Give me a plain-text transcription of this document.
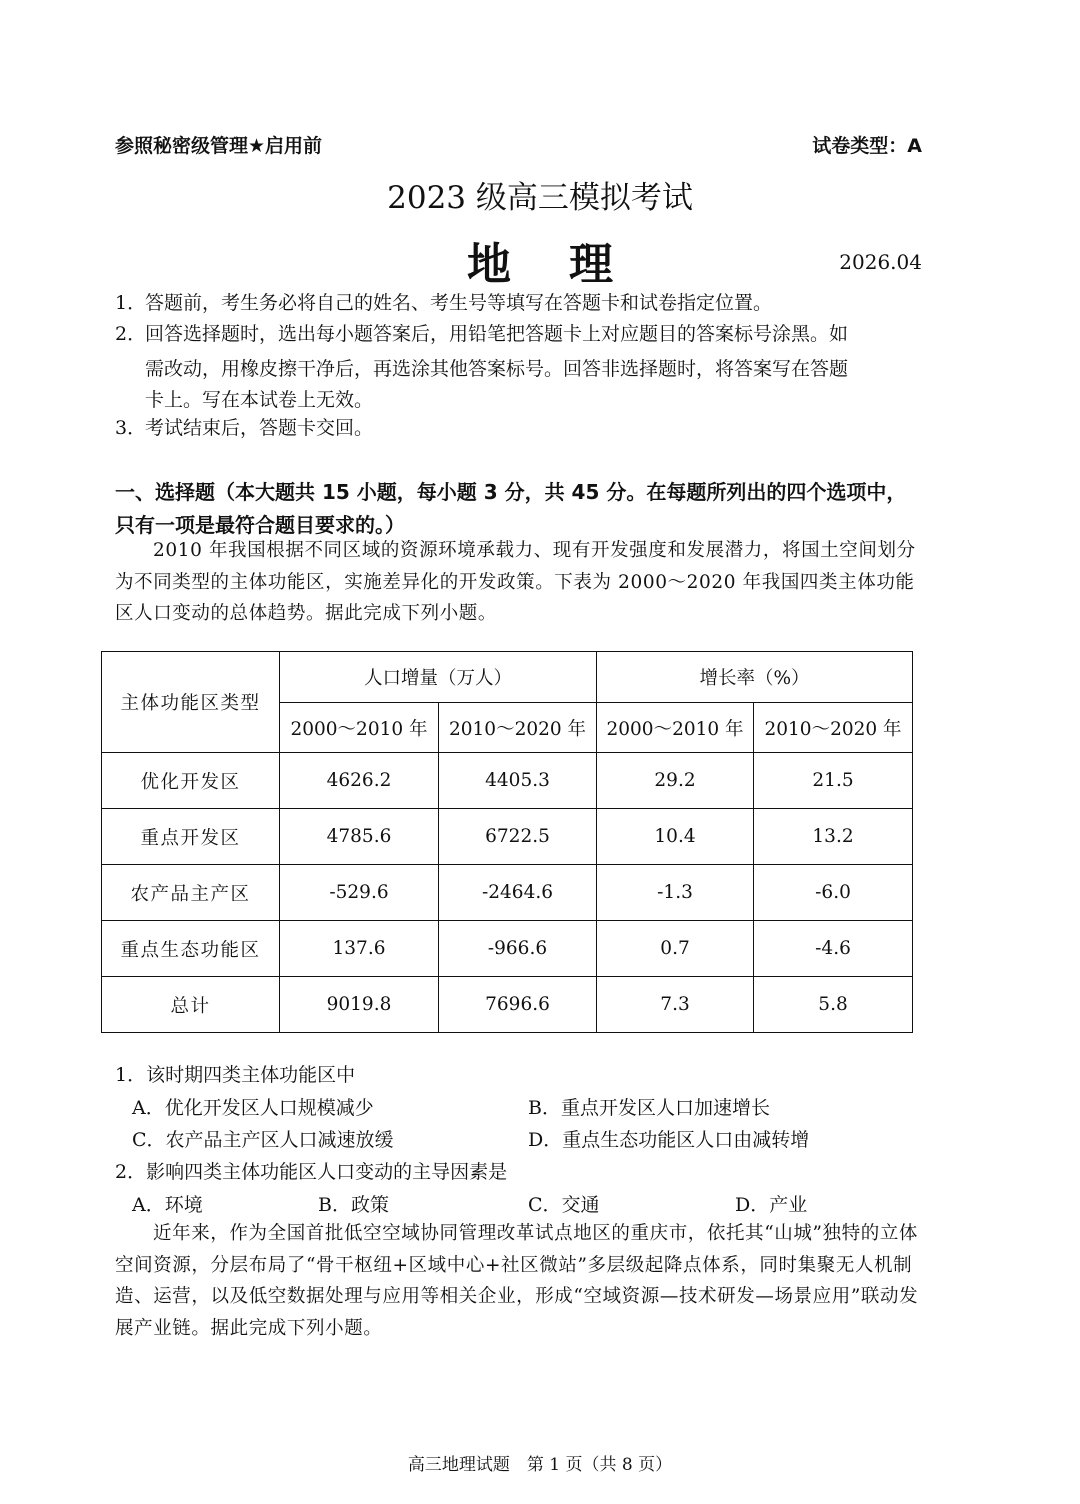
参照秘密级管理★启用前	试卷类型：A
2023 级高三模拟考试
地理	2026.04
1．答题前，考生务必将自己的姓名、考生号等填写在答题卡和试卷指定位置。
2．回答选择题时，选出每小题答案后，用铅笔把答题卡上对应题目的答案标号涂黑。如
需改动，用橡皮擦干净后，再选涂其他答案标号。回答非选择题时，将答案写在答题
卡上。写在本试卷上无效。
3．考试结束后，答题卡交回。
一、选择题（本大题共 15 小题，每小题 3 分，共 45 分。在每题所列出的四个选项中，只有一项是最符合题目要求的。）
2010 年我国根据不同区域的资源环境承载力、现有开发强度和发展潜力，将国土空间划分为不同类型的主体功能区，实施差异化的开发政策。下表为 2000～2020 年我国四类主体功能区人口变动的总体趋势。据此完成下列小题。
主体功能区类型	人口增量（万人）		增长率（%）	
	2000～2010 年	2010～2020 年	2000～2010 年	2010～2020 年
优化开发区	4626.2	4405.3	29.2	21.5
重点开发区	4785.6	6722.5	10.4	13.2
农产品主产区	-529.6	-2464.6	-1.3	-6.0
重点生态功能区	137.6	-966.6	0.7	-4.6
总计	9019.8	7696.6	7.3	5.8
1．该时期四类主体功能区中
A．优化开发区人口规模减少	B．重点开发区人口加速增长
C．农产品主产区人口减速放缓	D．重点生态功能区人口由减转增
2．影响四类主体功能区人口变动的主导因素是
A．环境	B．政策	C．交通	D．产业
近年来，作为全国首批低空空域协同管理改革试点地区的重庆市，依托其“山城”独特的立体空间资源，分层布局了“骨干枢纽+区域中心+社区微站”多层级起降点体系，同时集聚无人机制造、运营，以及低空数据处理与应用等相关企业，形成“空域资源—技术研发—场景应用”联动发展产业链。据此完成下列小题。
高三地理试题　第 1 页（共 8 页）
